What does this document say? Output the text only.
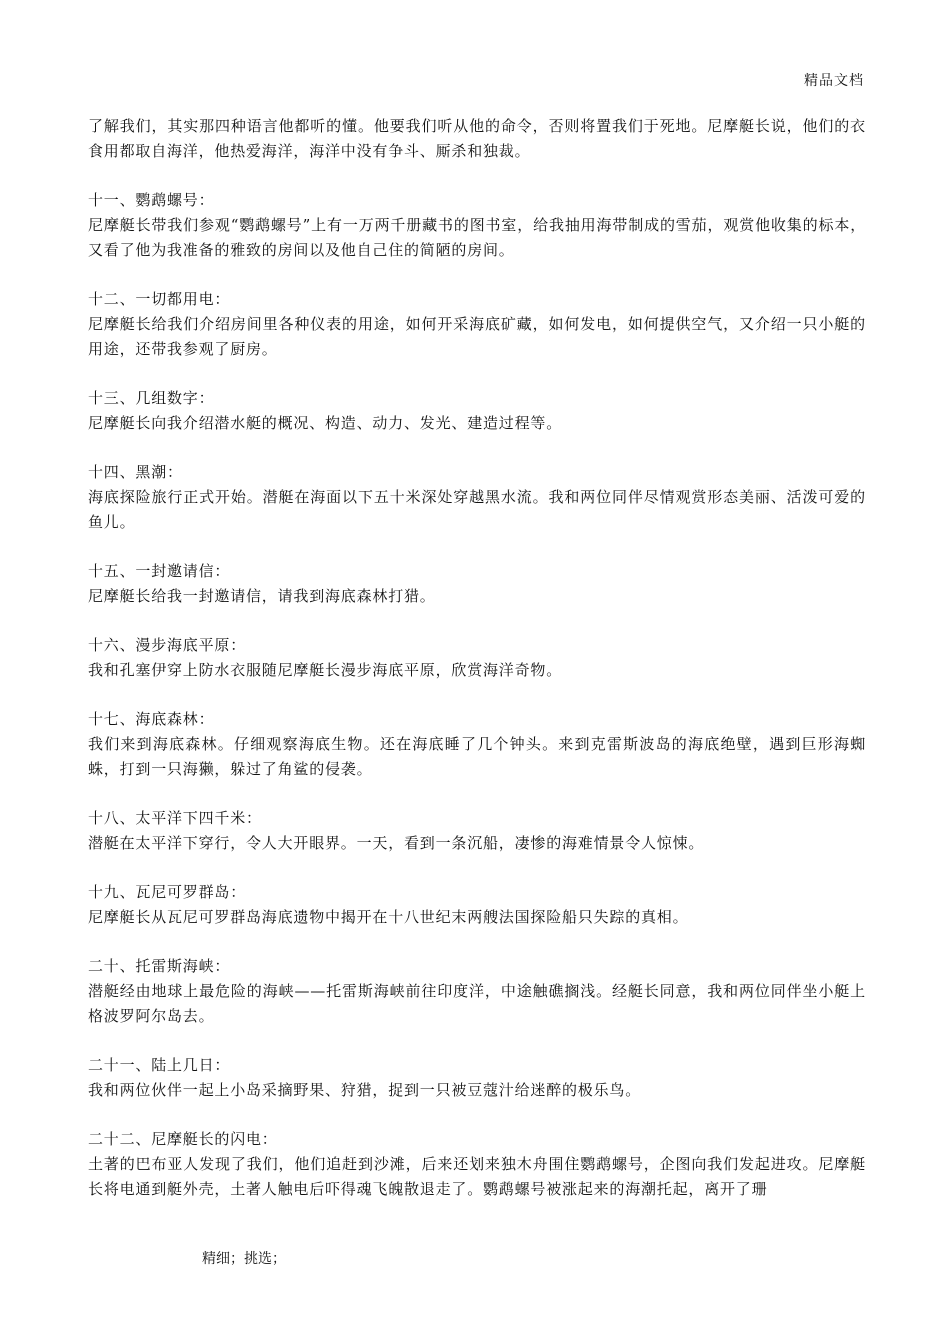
精品文档

了解我们，其实那四种语言他都听的懂。他要我们听从他的命令，否则将置我们于死地。尼摩艇长说，他们的衣食用都取自海洋，他热爱海洋，海洋中没有争斗、厮杀和独裁。

十一、鹦鹉螺号：
尼摩艇长带我们参观“鹦鹉螺号”上有一万两千册藏书的图书室，给我抽用海带制成的雪茄，观赏他收集的标本，又看了他为我准备的雅致的房间以及他自己住的简陋的房间。
十二、一切都用电：
尼摩艇长给我们介绍房间里各种仪表的用途，如何开采海底矿藏，如何发电，如何提供空气，又介绍一只小艇的用途，还带我参观了厨房。
十三、几组数字：
尼摩艇长向我介绍潜水艇的概况、构造、动力、发光、建造过程等。
十四、黑潮：
海底探险旅行正式开始。潜艇在海面以下五十米深处穿越黑水流。我和两位同伴尽情观赏形态美丽、活泼可爱的鱼儿。
十五、一封邀请信：
尼摩艇长给我一封邀请信，请我到海底森林打猎。
十六、漫步海底平原：
我和孔塞伊穿上防水衣服随尼摩艇长漫步海底平原，欣赏海洋奇物。
十七、海底森林：
我们来到海底森林。仔细观察海底生物。还在海底睡了几个钟头。来到克雷斯波岛的海底绝壁，遇到巨形海蜘蛛，打到一只海獭，躲过了角鲨的侵袭。
十八、太平洋下四千米：
潜艇在太平洋下穿行，令人大开眼界。一天，看到一条沉船，凄惨的海难情景令人惊悚。
十九、瓦尼可罗群岛：
尼摩艇长从瓦尼可罗群岛海底遗物中揭开在十八世纪末两艘法国探险船只失踪的真相。
二十、托雷斯海峡：
潜艇经由地球上最危险的海峡——托雷斯海峡前往印度洋，中途触礁搁浅。经艇长同意，我和两位同伴坐小艇上格波罗阿尔岛去。
二十一、陆上几日：
我和两位伙伴一起上小岛采摘野果、狩猎，捉到一只被豆蔻汁给迷醉的极乐鸟。
二十二、尼摩艇长的闪电：
土著的巴布亚人发现了我们，他们追赶到沙滩，后来还划来独木舟围住鹦鹉螺号，企图向我们发起进攻。尼摩艇长将电通到艇外壳，土著人触电后吓得魂飞魄散退走了。鹦鹉螺号被涨起来的海潮托起，离开了珊
精细；挑选；
